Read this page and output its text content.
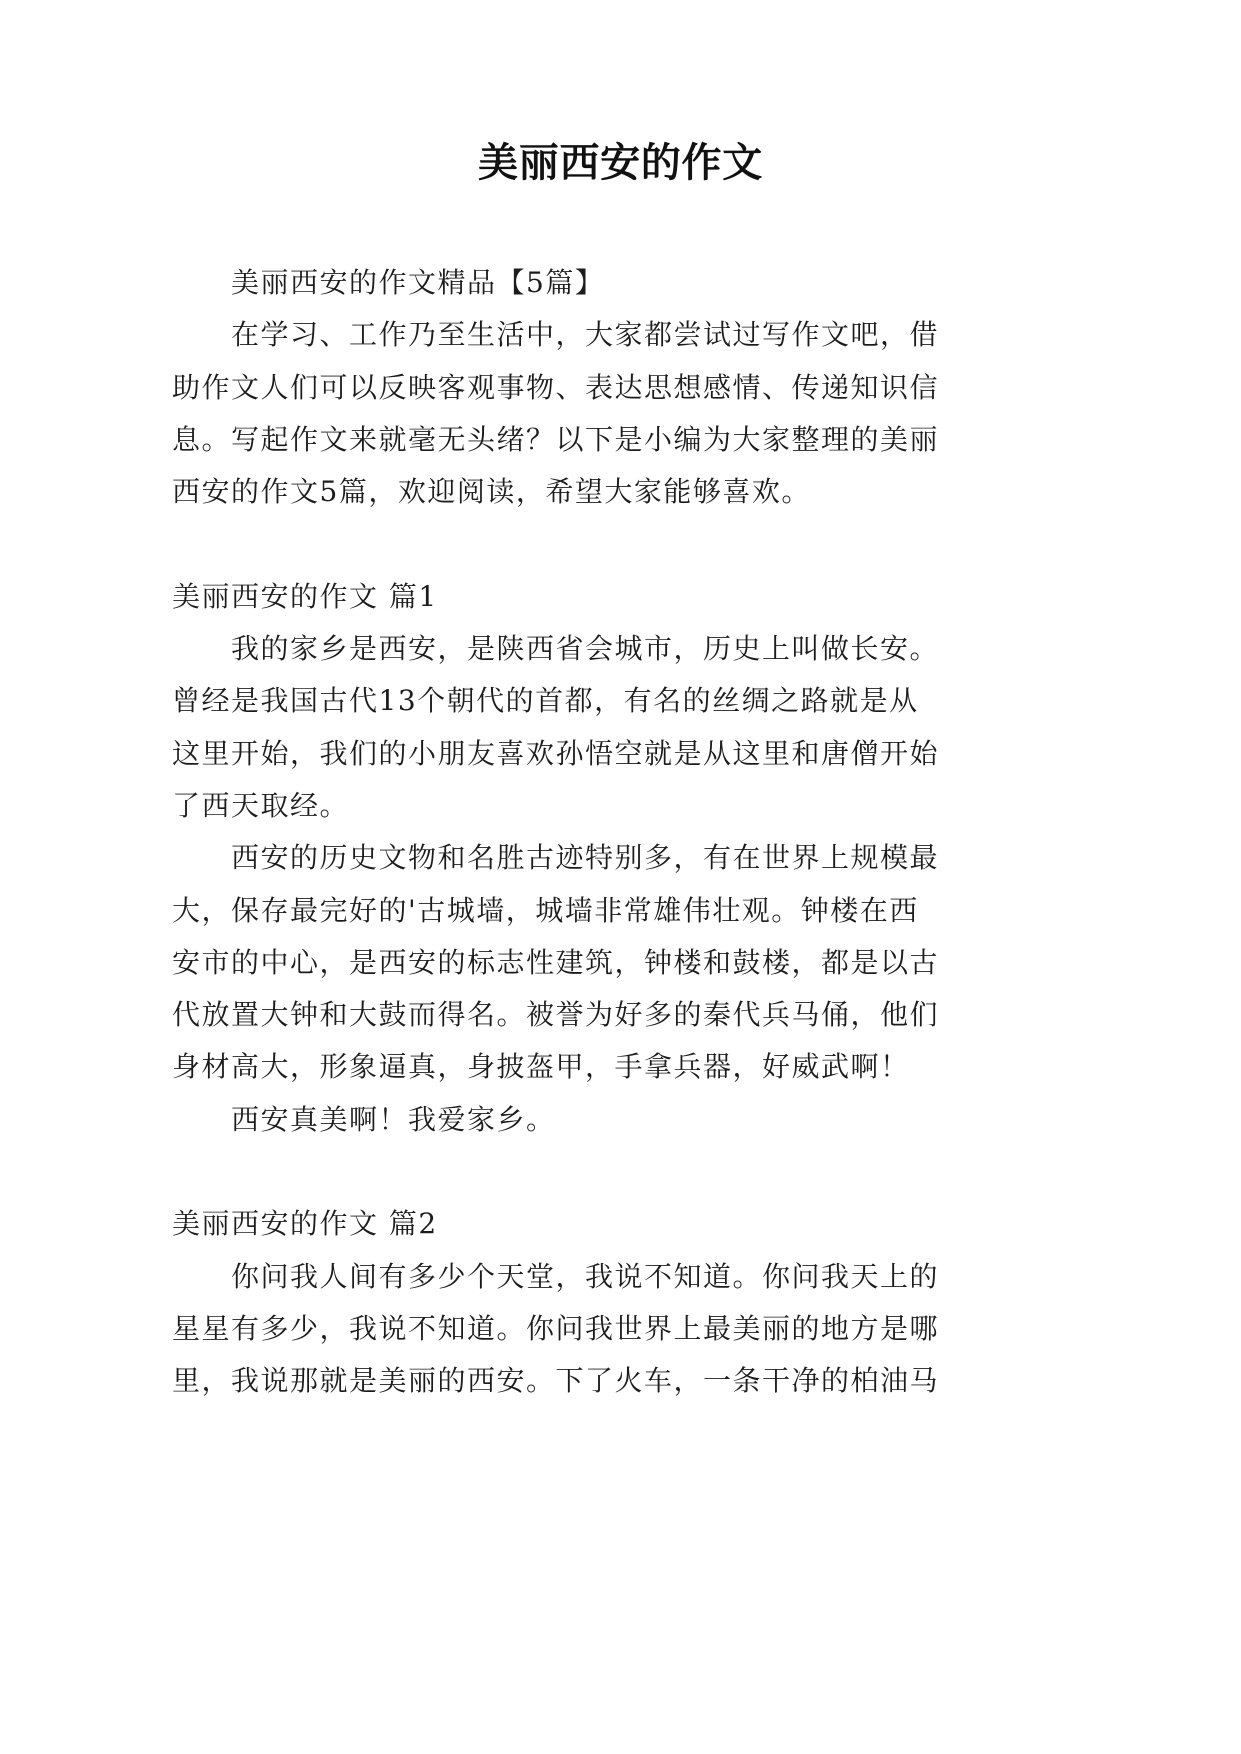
美丽西安的作文
美丽西安的作文精品【5篇】
在学习、工作乃至生活中，大家都尝试过写作文吧，借
助作文人们可以反映客观事物、表达思想感情、传递知识信
息。写起作文来就毫无头绪？以下是小编为大家整理的美丽
西安的作文5篇，欢迎阅读，希望大家能够喜欢。
美丽西安的作文 篇1
我的家乡是西安，是陕西省会城市，历史上叫做长安。
曾经是我国古代13个朝代的首都，有名的丝绸之路就是从
这里开始，我们的小朋友喜欢孙悟空就是从这里和唐僧开始
了西天取经。
西安的历史文物和名胜古迹特别多，有在世界上规模最
大，保存最完好的'古城墙，城墙非常雄伟壮观。钟楼在西
安市的中心，是西安的标志性建筑，钟楼和鼓楼，都是以古
代放置大钟和大鼓而得名。被誉为好多的秦代兵马俑，他们
身材高大，形象逼真，身披盔甲，手拿兵器，好威武啊！
西安真美啊！我爱家乡。
美丽西安的作文 篇2
你问我人间有多少个天堂，我说不知道。你问我天上的
星星有多少，我说不知道。你问我世界上最美丽的地方是哪
里，我说那就是美丽的西安。下了火车，一条干净的柏油马
